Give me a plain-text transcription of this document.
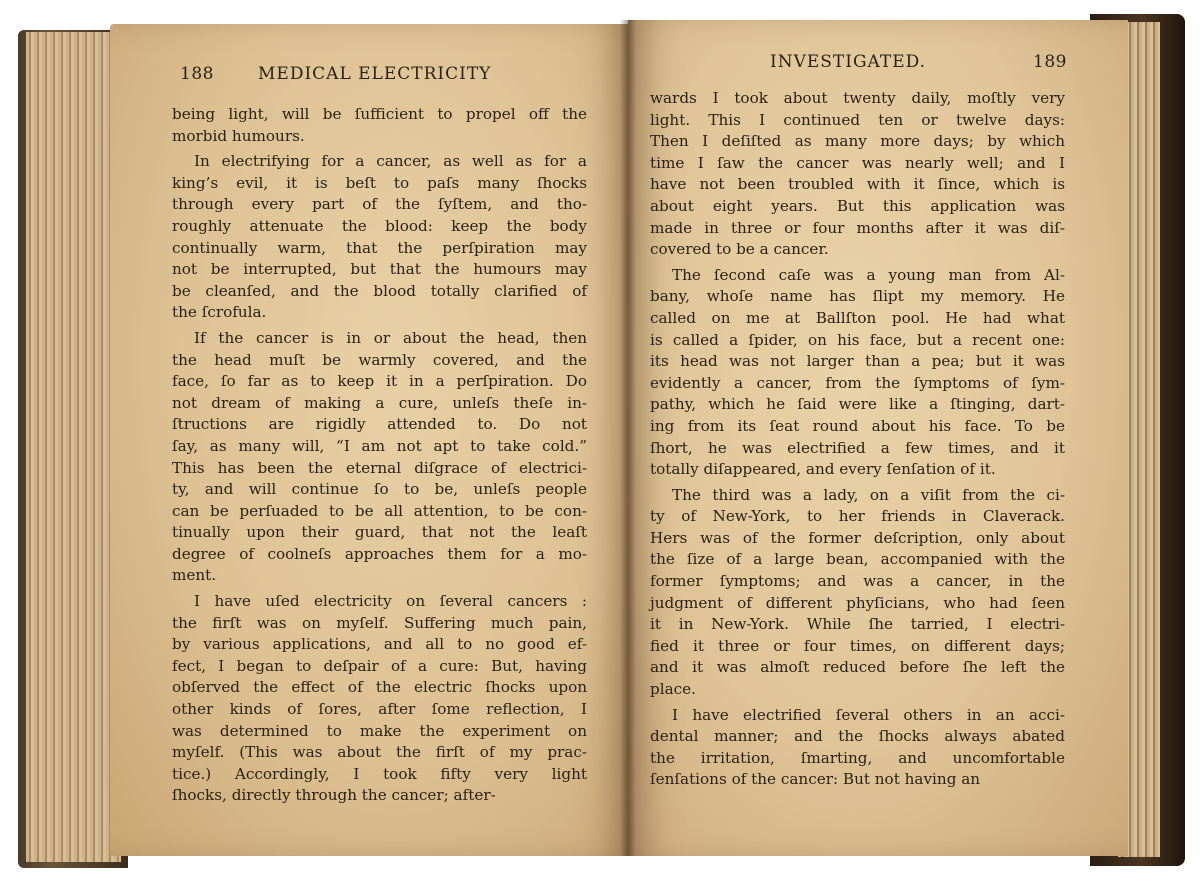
188	MEDICAL ELECTRICITY
being light, will be ſufficient to propel off the
morbid humours.
In electrifying for a cancer, as well as for a
king’s evil, it is beſt to paſs many ſhocks
through every part of the ſyſtem, and tho-
roughly attenuate the blood: keep the body
continually warm, that the perſpiration may
not be interrupted, but that the humours may
be cleanſed, and the blood totally clarified of
the ſcrofula.
If the cancer is in or about the head, then
the head muſt be warmly covered, and the
face, ſo far as to keep it in a perſpiration. Do
not dream of making a cure, unleſs theſe in-
ſtructions are rigidly attended to. Do not
ſay, as many will, “I am not apt to take cold.”
This has been the eternal diſgrace of electrici-
ty, and will continue ſo to be, unleſs people
can be perſuaded to be all attention, to be con-
tinually upon their guard, that not the leaſt
degree of coolneſs approaches them for a mo-
ment.
I have uſed electricity on ſeveral cancers :
the firſt was on myſelf. Suffering much pain,
by various applications, and all to no good ef-
fect, I began to deſpair of a cure: But, having
obſerved the effect of the electric ſhocks upon
other kinds of ſores, after ſome reflection, I
was determined to make the experiment on
myſelf. (This was about the firſt of my prac-
tice.) Accordingly, I took fifty very light
ſhocks, directly through the cancer; after-
INVESTIGATED.	189
wards I took about twenty daily, moſtly very
light. This I continued ten or twelve days:
Then I deſiſted as many more days; by which
time I ſaw the cancer was nearly well; and I
have not been troubled with it ſince, which is
about eight years. But this application was
made in three or four months after it was diſ-
covered to be a cancer.
The ſecond caſe was a young man from Al-
bany, whoſe name has ſlipt my memory. He
called on me at Ballſton pool. He had what
is called a ſpider, on his face, but a recent one:
its head was not larger than a pea; but it was
evidently a cancer, from the ſymptoms of ſym-
pathy, which he ſaid were like a ſtinging, dart-
ing from its ſeat round about his face. To be
ſhort, he was electrified a few times, and it
totally diſappeared, and every ſenſation of it.
The third was a lady, on a viſit from the ci-
ty of New-York, to her friends in Claverack.
Hers was of the former deſcription, only about
the ſize of a large bean, accompanied with the
former ſymptoms; and was a cancer, in the
judgment of different phyſicians, who had ſeen
it in New-York. While ſhe tarried, I electri-
fied it three or four times, on different days;
and it was almoſt reduced before ſhe left the
place.
I have electrified ſeveral others in an acci-
dental manner; and the ſhocks always abated
the irritation, ſmarting, and uncomfortable
ſenſations of the cancer: But not having an
